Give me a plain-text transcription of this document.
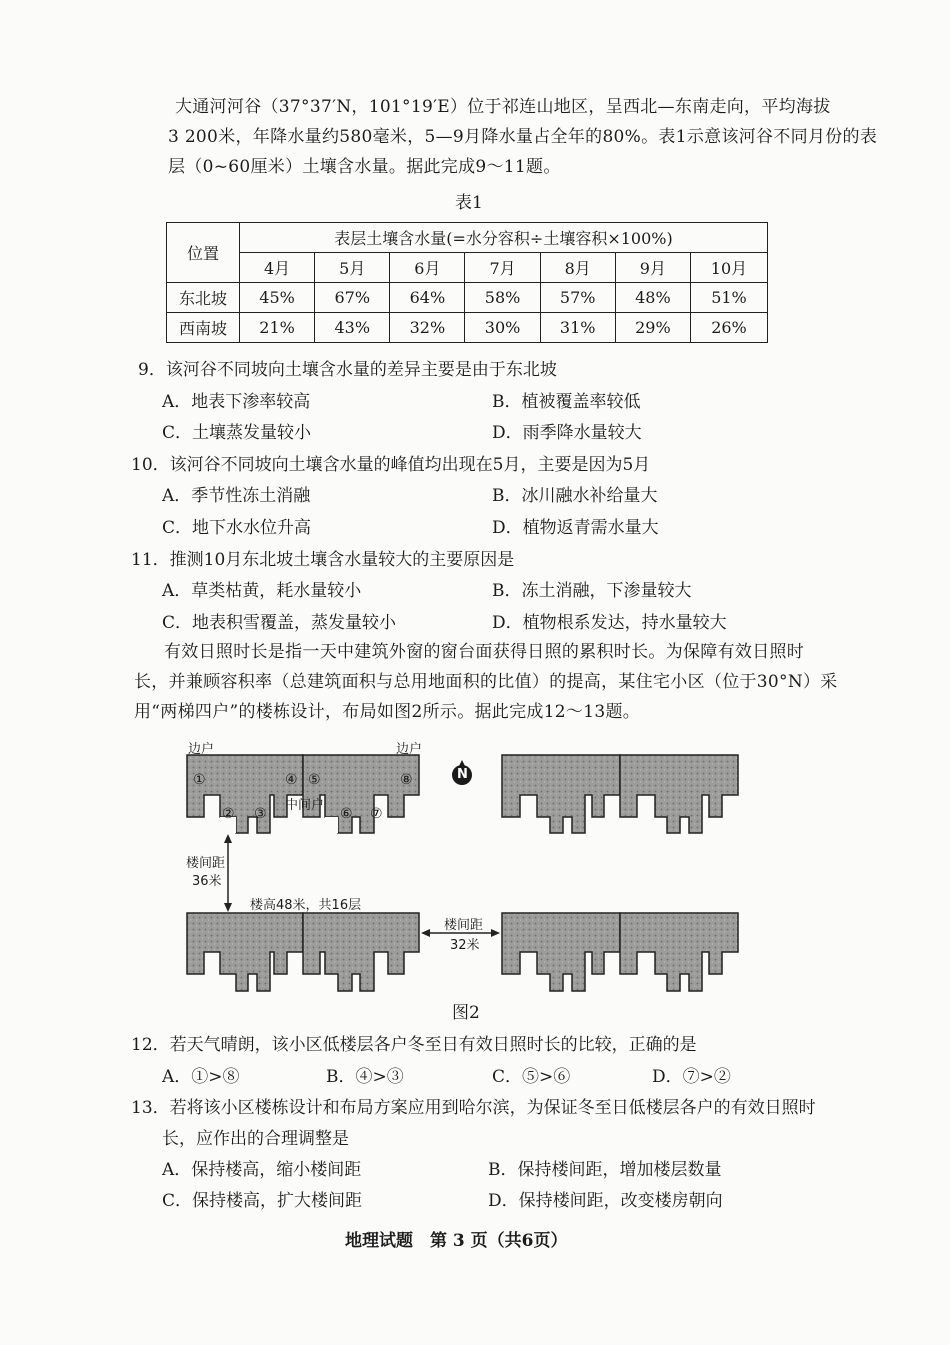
大通河河谷（37°37′N，101°19′E）位于祁连山地区，呈西北—东南走向，平均海拔
3 200米，年降水量约580毫米，5—9月降水量占全年的80%。表1示意该河谷不同月份的表
层（0~60厘米）土壤含水量。据此完成9～11题。
表1
位置	表层土壤含水量(=水分容积÷土壤容积×100%)						
	4月	5月	6月	7月	8月	9月	10月
东北坡	45%	67%	64%	58%	57%	48%	51%
西南坡	21%	43%	32%	30%	31%	29%	26%
9．该河谷不同坡向土壤含水量的差异主要是由于东北坡
A．地表下渗率较高	B．植被覆盖率较低
C．土壤蒸发量较小	D．雨季降水量较大
10．该河谷不同坡向土壤含水量的峰值均出现在5月，主要是因为5月
A．季节性冻土消融	B．冰川融水补给量大
C．地下水水位升高	D．植物返青需水量大
11．推测10月东北坡土壤含水量较大的主要原因是
A．草类枯黄，耗水量较小	B．冻土消融，下渗量较大
C．地表积雪覆盖，蒸发量较小	D．植物根系发达，持水量较大
有效日照时长是指一天中建筑外窗的窗台面获得日照的累积时长。为保障有效日照时
长，并兼顾容积率（总建筑面积与总用地面积的比值）的提高，某住宅小区（位于30°N）采
用“两梯四户”的楼栋设计，布局如图2所示。据此完成12～13题。
边户	边户
N
中间户
①
② ③
④ ⑤
⑥ ⑦
⑧
楼间距
36米
楼高48米，共16层
楼间距
32米
图2
12．若天气晴朗，该小区低楼层各户冬至日有效日照时长的比较，正确的是
A．①>⑧	B．④>③	C．⑤>⑥	D．⑦>②
13．若将该小区楼栋设计和布局方案应用到哈尔滨，为保证冬至日低楼层各户的有效日照时
长，应作出的合理调整是
A．保持楼高，缩小楼间距	B．保持楼间距，增加楼层数量
C．保持楼高，扩大楼间距	D．保持楼间距，改变楼房朝向
地理试题　第 3 页（共6页）
